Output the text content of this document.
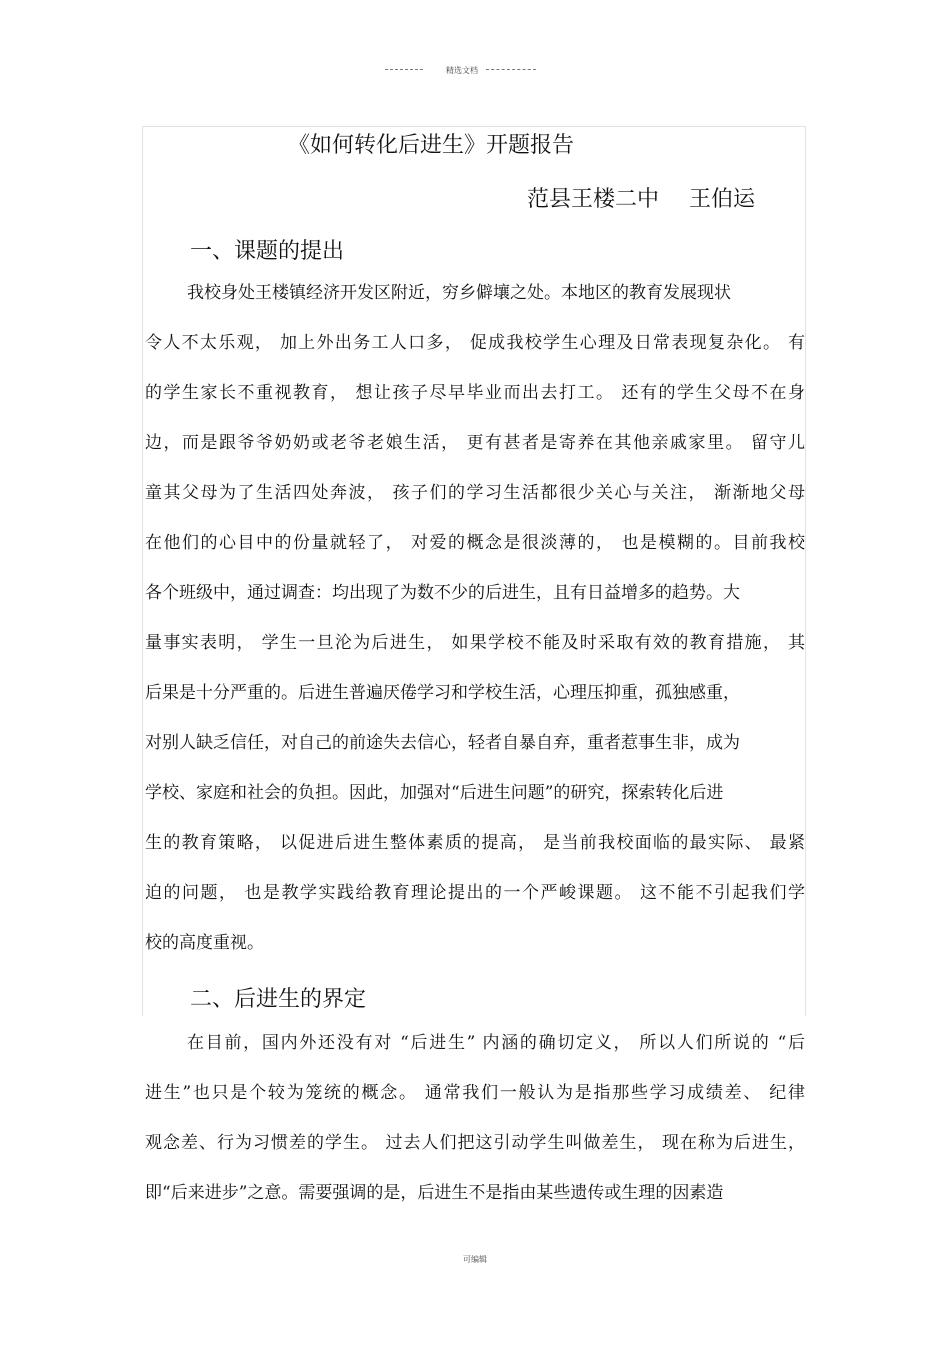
精选文档
《如何转化后进生》开题报告
范县王楼二中 王伯运
一、课题的提出
我校身处王楼镇经济开发区附近，穷乡僻壤之处。本地区的教育发展现状
令人不太乐观， 加上外出务工人口多， 促成我校学生心理及日常表现复杂化。 有
的学生家长不重视教育， 想让孩子尽早毕业而出去打工。 还有的学生父母不在身
边，而是跟爷爷奶奶或老爷老娘生活， 更有甚者是寄养在其他亲戚家里。 留守儿
童其父母为了生活四处奔波， 孩子们的学习生活都很少关心与关注， 渐渐地父母
在他们的心目中的份量就轻了， 对爱的概念是很淡薄的， 也是模糊的。目前我校
各个班级中，通过调查：均出现了为数不少的后进生，且有日益增多的趋势。大
量事实表明， 学生一旦沦为后进生， 如果学校不能及时采取有效的教育措施， 其
后果是十分严重的。后进生普遍厌倦学习和学校生活，心理压抑重，孤独感重，
对别人缺乏信任，对自己的前途失去信心，轻者自暴自弃，重者惹事生非，成为
学校、家庭和社会的负担。因此，加强对“后进生问题”的研究，探索转化后进
生的教育策略， 以促进后进生整体素质的提高， 是当前我校面临的最实际、 最紧
迫的问题， 也是教学实践给教育理论提出的一个严峻课题。 这不能不引起我们学
校的高度重视。
二、后进生的界定
在目前，国内外还没有对 “后进生” 内涵的确切定义， 所以人们所说的 “后
进生”也只是个较为笼统的概念。 通常我们一般认为是指那些学习成绩差、 纪律
观念差、行为习惯差的学生。 过去人们把这引动学生叫做差生， 现在称为后进生，
即“后来进步”之意。需要强调的是，后进生不是指由某些遗传或生理的因素造
可编辑
